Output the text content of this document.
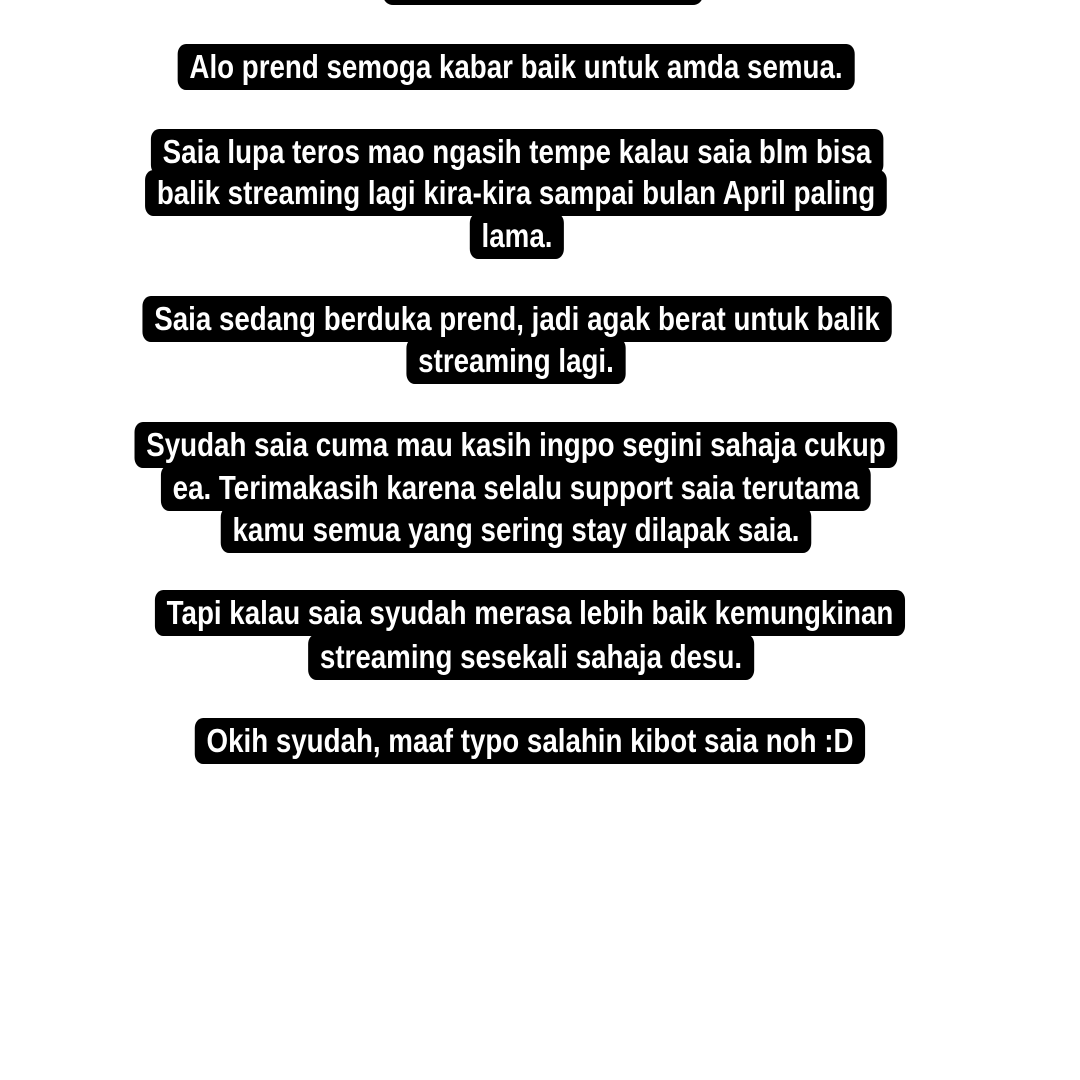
Alo prend semoga kabar baik untuk amda semua.
Saia lupa teros mao ngasih tempe kalau saia blm bisa
balik streaming lagi kira-kira sampai bulan April paling
lama.
Saia sedang berduka prend, jadi agak berat untuk balik
streaming lagi.
Syudah saia cuma mau kasih ingpo segini sahaja cukup
ea. Terimakasih karena selalu support saia terutama
kamu semua yang sering stay dilapak saia.
Tapi kalau saia syudah merasa lebih baik kemungkinan
streaming sesekali sahaja desu.
Okih syudah, maaf typo salahin kibot saia noh :D
